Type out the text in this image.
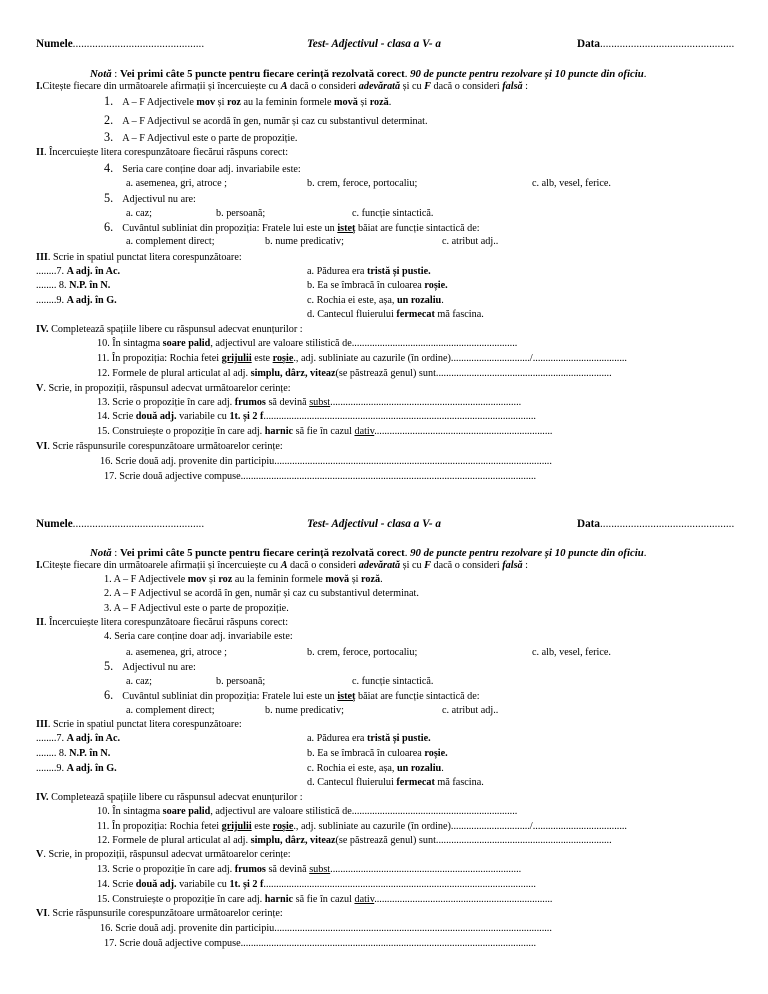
Numele...............................................	Test- Adjectivul - clasa a V- a	Data................................................
Notă : Vei primi câte 5 puncte pentru fiecare cerință rezolvată corect. 90 de puncte pentru rezolvare și 10 puncte din oficiu.
I.Citește fiecare din următoarele afirmații și încercuiește cu A dacă o consideri adevărată și cu F dacă o consideri falsă :
1.   A – F Adjectivele mov și roz au la feminin formele movă și roză.
2.   A – F Adjectivul se acordă în gen, număr și caz cu substantivul determinat.
3.   A – F Adjectivul este o parte de propoziție.
II. Încercuiește litera corespunzătoare fiecărui răspuns corect:
4.   Seria care conține doar adj. invariabile este:
a. asemenea, gri, atroce ;	b. crem, feroce, portocaliu;	c. alb, vesel, ferice.
5.   Adjectivul nu are:
a. caz;	b. persoană;	c. funcție sintactică.
6.   Cuvântul subliniat din propoziția: Fratele lui este un isteț băiat are funcție sintactică de:
a. complement direct;	b. nume predicativ;	c. atribut adj..
III. Scrie in spatiul punctat litera corespunzătoare:
........7. A adj. în Ac.
........ 8. N.P. în N.
........9. A adj. în G.
a. Pădurea era tristă și pustie.
b. Ea se îmbracă în culoarea roșie.
c. Rochia ei este, așa, un rozaliu.
d. Cantecul fluierului fermecat mă fascina.
IV. Completează spațiile libere cu răspunsul adecvat enunțurilor :
10. În sintagma soare palid, adjectivul are valoare stilistică de.................................................................
11. În propoziția: Rochia fetei grijulii este roșie., adj. subliniate au cazurile (în ordine).............................../.....................................
12. Formele de plural articulat al adj. simplu, dârz, viteaz(se păstrează genul) sunt.....................................................................
V. Scrie, in propoziții, răspunsul adecvat următoarelor cerințe:
13. Scrie o propoziție în care adj. frumos să devină subst...........................................................................
14. Scrie două adj. variabile cu 1t. și 2 f...........................................................................................................
15. Construiește o propoziție în care adj. harnic să fie în cazul dativ......................................................................
VI. Scrie răspunsurile corespunzătoare următoarelor cerințe:
16. Scrie două adj. provenite din participiu.............................................................................................................
17. Scrie două adjective compuse....................................................................................................................
Numele...............................................	Test- Adjectivul - clasa a V- a	Data................................................
Notă : Vei primi câte 5 puncte pentru fiecare cerință rezolvată corect. 90 de puncte pentru rezolvare și 10 puncte din oficiu.
I.Citește fiecare din următoarele afirmații și încercuiește cu A dacă o consideri adevărată și cu F dacă o consideri falsă :
1. A – F Adjectivele mov și roz au la feminin formele movă și roză.
2. A – F Adjectivul se acordă în gen, număr și caz cu substantivul determinat.
3. A – F Adjectivul este o parte de propoziție.
II. Încercuiește litera corespunzătoare fiecărui răspuns corect:
4. Seria care conține doar adj. invariabile este:
a. asemenea, gri, atroce ;	b. crem, feroce, portocaliu;	c. alb, vesel, ferice.
5.   Adjectivul nu are:
a. caz;	b. persoană;	c. funcție sintactică.
6.   Cuvântul subliniat din propoziția: Fratele lui este un isteț băiat are funcție sintactică de:
a. complement direct;	b. nume predicativ;	c. atribut adj..
III. Scrie in spatiul punctat litera corespunzătoare:
........7. A adj. în Ac.
........ 8. N.P. în N.
........9. A adj. în G.
a. Pădurea era tristă și pustie.
b. Ea se îmbracă în culoarea roșie.
c. Rochia ei este, așa, un rozaliu.
d. Cantecul fluierului fermecat mă fascina.
IV. Completează spațiile libere cu răspunsul adecvat enunțurilor :
10. În sintagma soare palid, adjectivul are valoare stilistică de.................................................................
11. În propoziția: Rochia fetei grijulii este roșie., adj. subliniate au cazurile (în ordine).............................../.....................................
12. Formele de plural articulat al adj. simplu, dârz, viteaz(se păstrează genul) sunt.....................................................................
V. Scrie, in propoziții, răspunsul adecvat următoarelor cerințe:
13. Scrie o propoziție în care adj. frumos să devină subst...........................................................................
14. Scrie două adj. variabile cu 1t. și 2 f...........................................................................................................
15. Construiește o propoziție în care adj. harnic să fie în cazul dativ......................................................................
VI. Scrie răspunsurile corespunzătoare următoarelor cerințe:
16. Scrie două adj. provenite din participiu.............................................................................................................
17. Scrie două adjective compuse....................................................................................................................
